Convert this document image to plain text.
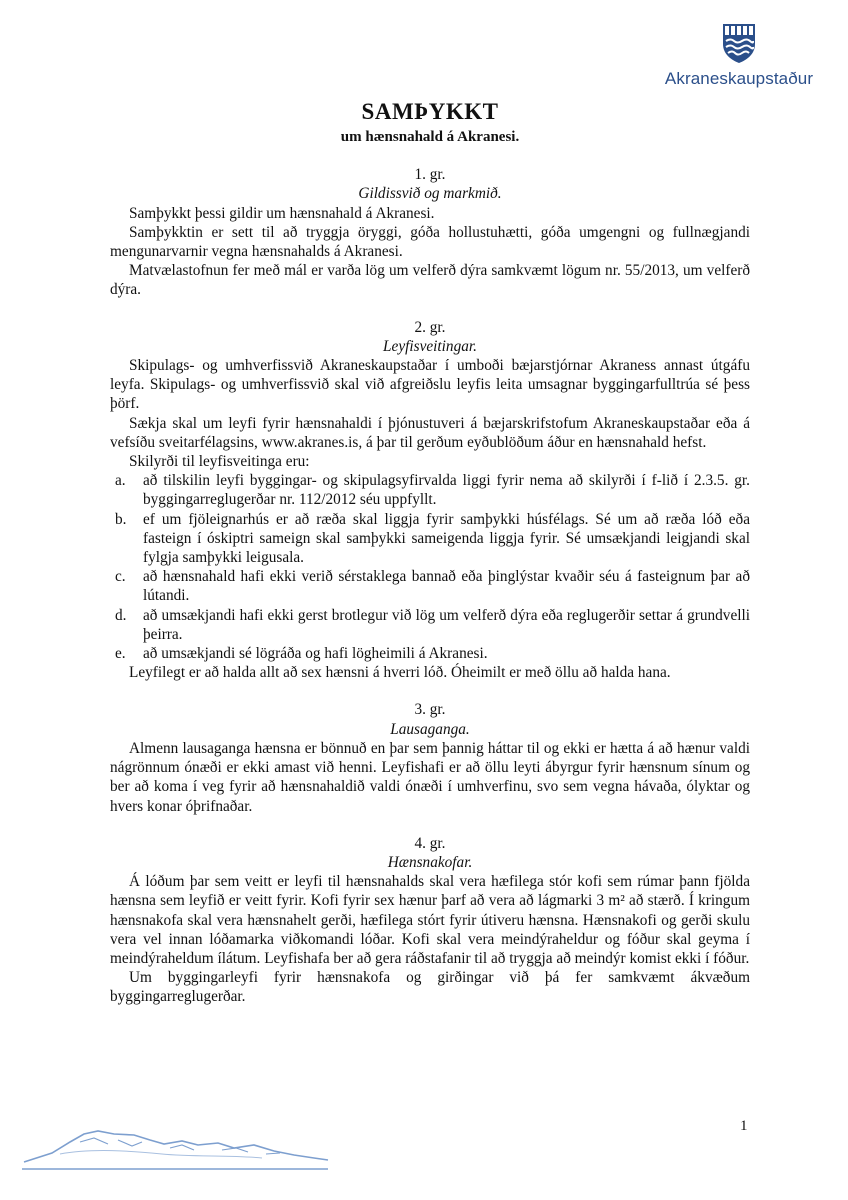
Akraneskaupstaður
SAMÞYKKT

um hænsnahald á Akranesi.

1. gr.

Gildissvið og markmið.

Samþykkt þessi gildir um hænsnahald á Akranesi.

Samþykktin er sett til að tryggja öryggi, góða hollustuhætti, góða umgengni og fullnægjandi mengunarvarnir vegna hænsnahalds á Akranesi.

Matvælastofnun fer með mál er varða lög um velferð dýra samkvæmt lögum nr. 55/2013, um velferð dýra.

2. gr.

Leyfisveitingar.

Skipulags- og umhverfissvið Akraneskaupstaðar í umboði bæjarstjórnar Akraness annast útgáfu leyfa. Skipulags- og umhverfissvið skal við afgreiðslu leyfis leita umsagnar byggingarfulltrúa sé þess þörf.

Sækja skal um leyfi fyrir hænsnahaldi í þjónustuveri á bæjarskrifstofum Akraneskaupstaðar eða á vefsíðu sveitarfélagsins, www.akranes.is, á þar til gerðum eyðublöðum áður en hænsnahald hefst.

Skilyrði til leyfisveitinga eru:

a.	að tilskilin leyfi byggingar- og skipulagsyfirvalda liggi fyrir nema að skilyrði í f-lið í 2.3.5. gr. byggingarreglugerðar nr. 112/2012 séu uppfyllt.
b.	ef um fjöleignarhús er að ræða skal liggja fyrir samþykki húsfélags. Sé um að ræða lóð eða fasteign í óskiptri sameign skal samþykki sameigenda liggja fyrir. Sé umsækjandi leigjandi skal fylgja samþykki leigusala.
c.	að hænsnahald hafi ekki verið sérstaklega bannað eða þinglýstar kvaðir séu á fasteignum þar að lútandi.
d.	að umsækjandi hafi ekki gerst brotlegur við lög um velferð dýra eða reglugerðir settar á grundvelli þeirra.
e.	að umsækjandi sé lögráða og hafi lögheimili á Akranesi.

Leyfilegt er að halda allt að sex hænsni á hverri lóð. Óheimilt er með öllu að halda hana.

3. gr.

Lausaganga.

Almenn lausaganga hænsna er bönnuð en þar sem þannig háttar til og ekki er hætta á að hænur valdi nágrönnum ónæði er ekki amast við henni. Leyfishafi er að öllu leyti ábyrgur fyrir hænsnum sínum og ber að koma í veg fyrir að hænsnahaldið valdi ónæði í umhverfinu, svo sem vegna hávaða, ólyktar og hvers konar óþrifnaðar.

4. gr.

Hænsnakofar.

Á lóðum þar sem veitt er leyfi til hænsnahalds skal vera hæfilega stór kofi sem rúmar þann fjölda hænsna sem leyfið er veitt fyrir. Kofi fyrir sex hænur þarf að vera að lágmarki 3 m² að stærð. Í kringum hænsnakofa skal vera hænsnahelt gerði, hæfilega stórt fyrir útiveru hænsna. Hænsnakofi og gerði skulu vera vel innan lóðamarka viðkomandi lóðar. Kofi skal vera meindýraheldur og fóður skal geyma í meindýraheldum ílátum. Leyfishafa ber að gera ráðstafanir til að tryggja að meindýr komist ekki í fóður.

Um byggingarleyfi fyrir hænsnakofa og girðingar við þá fer samkvæmt ákvæðum byggingarreglugerðar.

1
